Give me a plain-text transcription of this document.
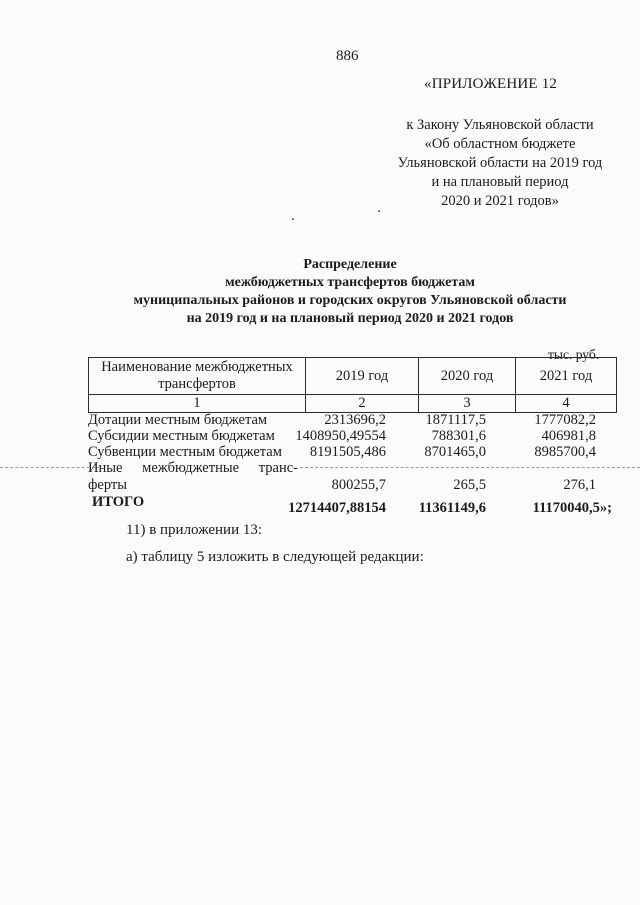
886
«ПРИЛОЖЕНИЕ 12
к Закону Ульяновской области
«Об областном бюджете
Ульяновской области на 2019 год
и на плановый период
2020 и 2021 годов»
Распределение
межбюджетных трансфертов бюджетам
муниципальных районов и городских округов Ульяновской области
на 2019 год и на плановый период 2020 и 2021 годов
тыс. руб.
Наименование межбюджетных трансфертов	2019 год	2020 год	2021 год
1	2	3	4
Дотации местным бюджетам	2313696,2	1871117,5	1777082,2
Субсидии местным бюджетам	1408950,49554	788301,6	406981,8
Субвенции местным бюджетам	8191505,486	8701465,0	8985700,4
Иные межбюджетные транс-
ферты	800255,7	265,5	276,1
ИТОГО	12714407,88154 11361149,6	11170040,5»;
11) в приложении 13:
а) таблицу 5 изложить в следующей редакции:
